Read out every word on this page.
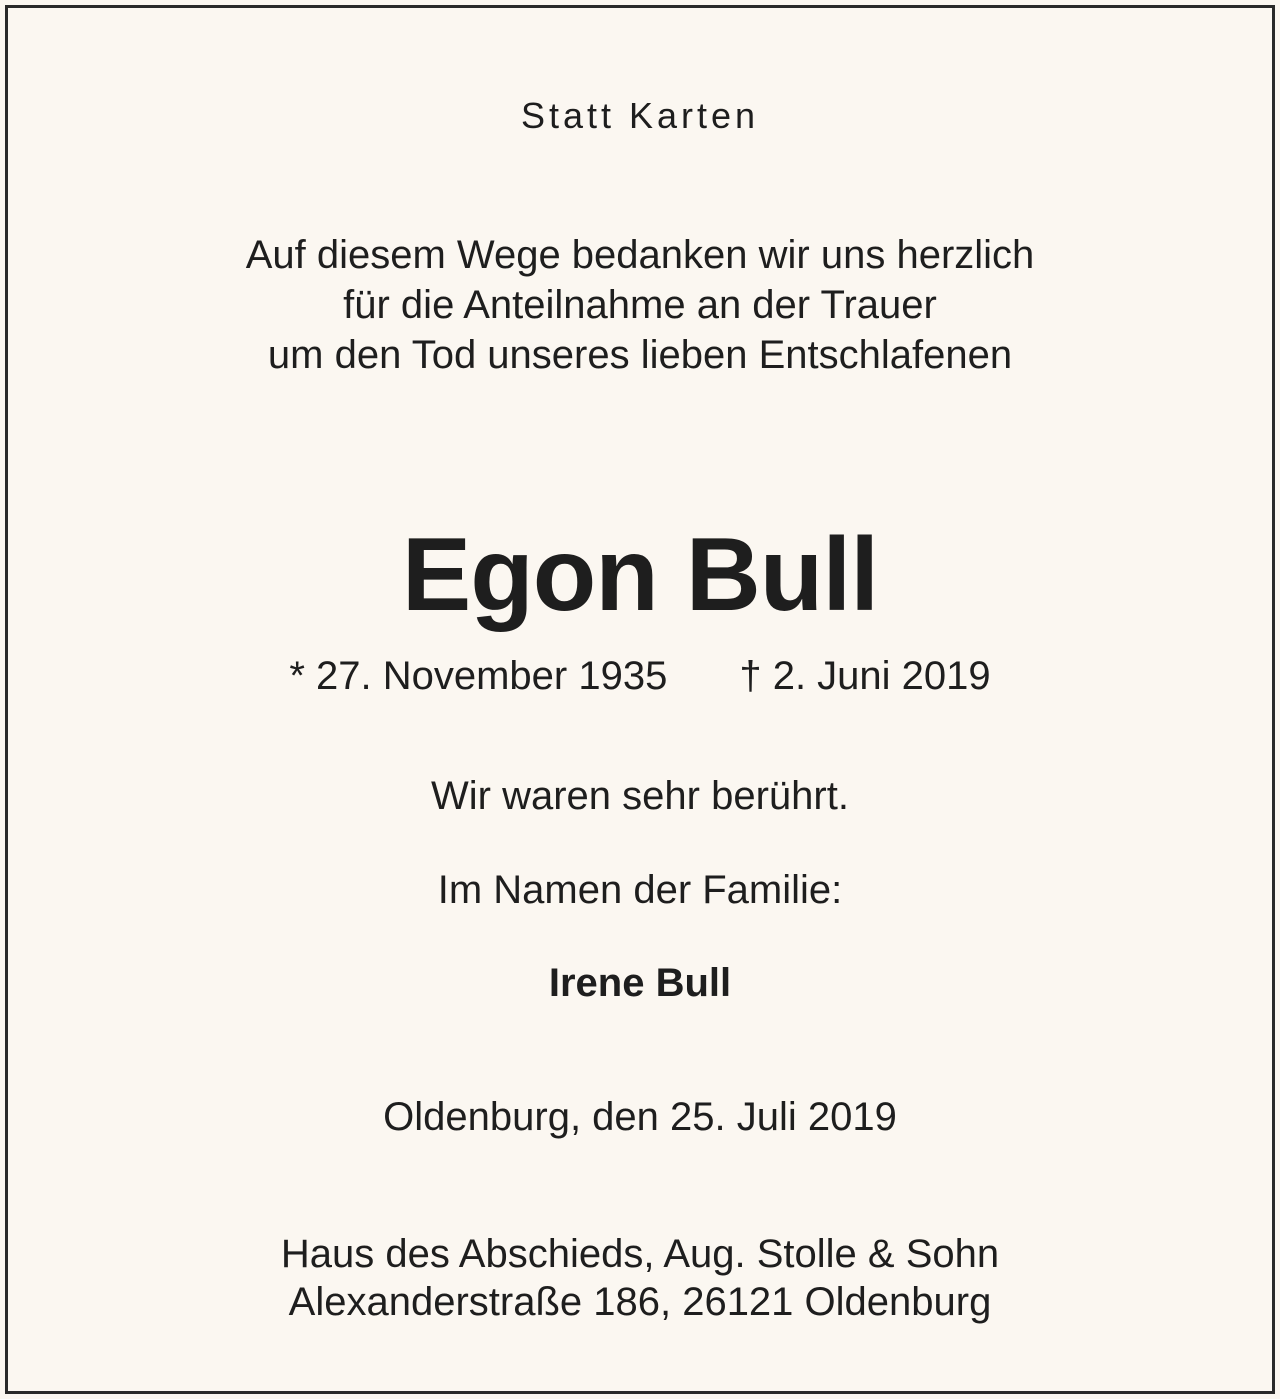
Statt Karten
Auf diesem Wege bedanken wir uns herzlich
für die Anteilnahme an der Trauer
um den Tod unseres lieben Entschlafenen
Egon Bull
* 27. November 1935 † 2. Juni 2019
Wir waren sehr berührt.
Im Namen der Familie:
Irene Bull
Oldenburg, den 25. Juli 2019
Haus des Abschieds, Aug. Stolle & Sohn
Alexanderstraße 186, 26121 Oldenburg
